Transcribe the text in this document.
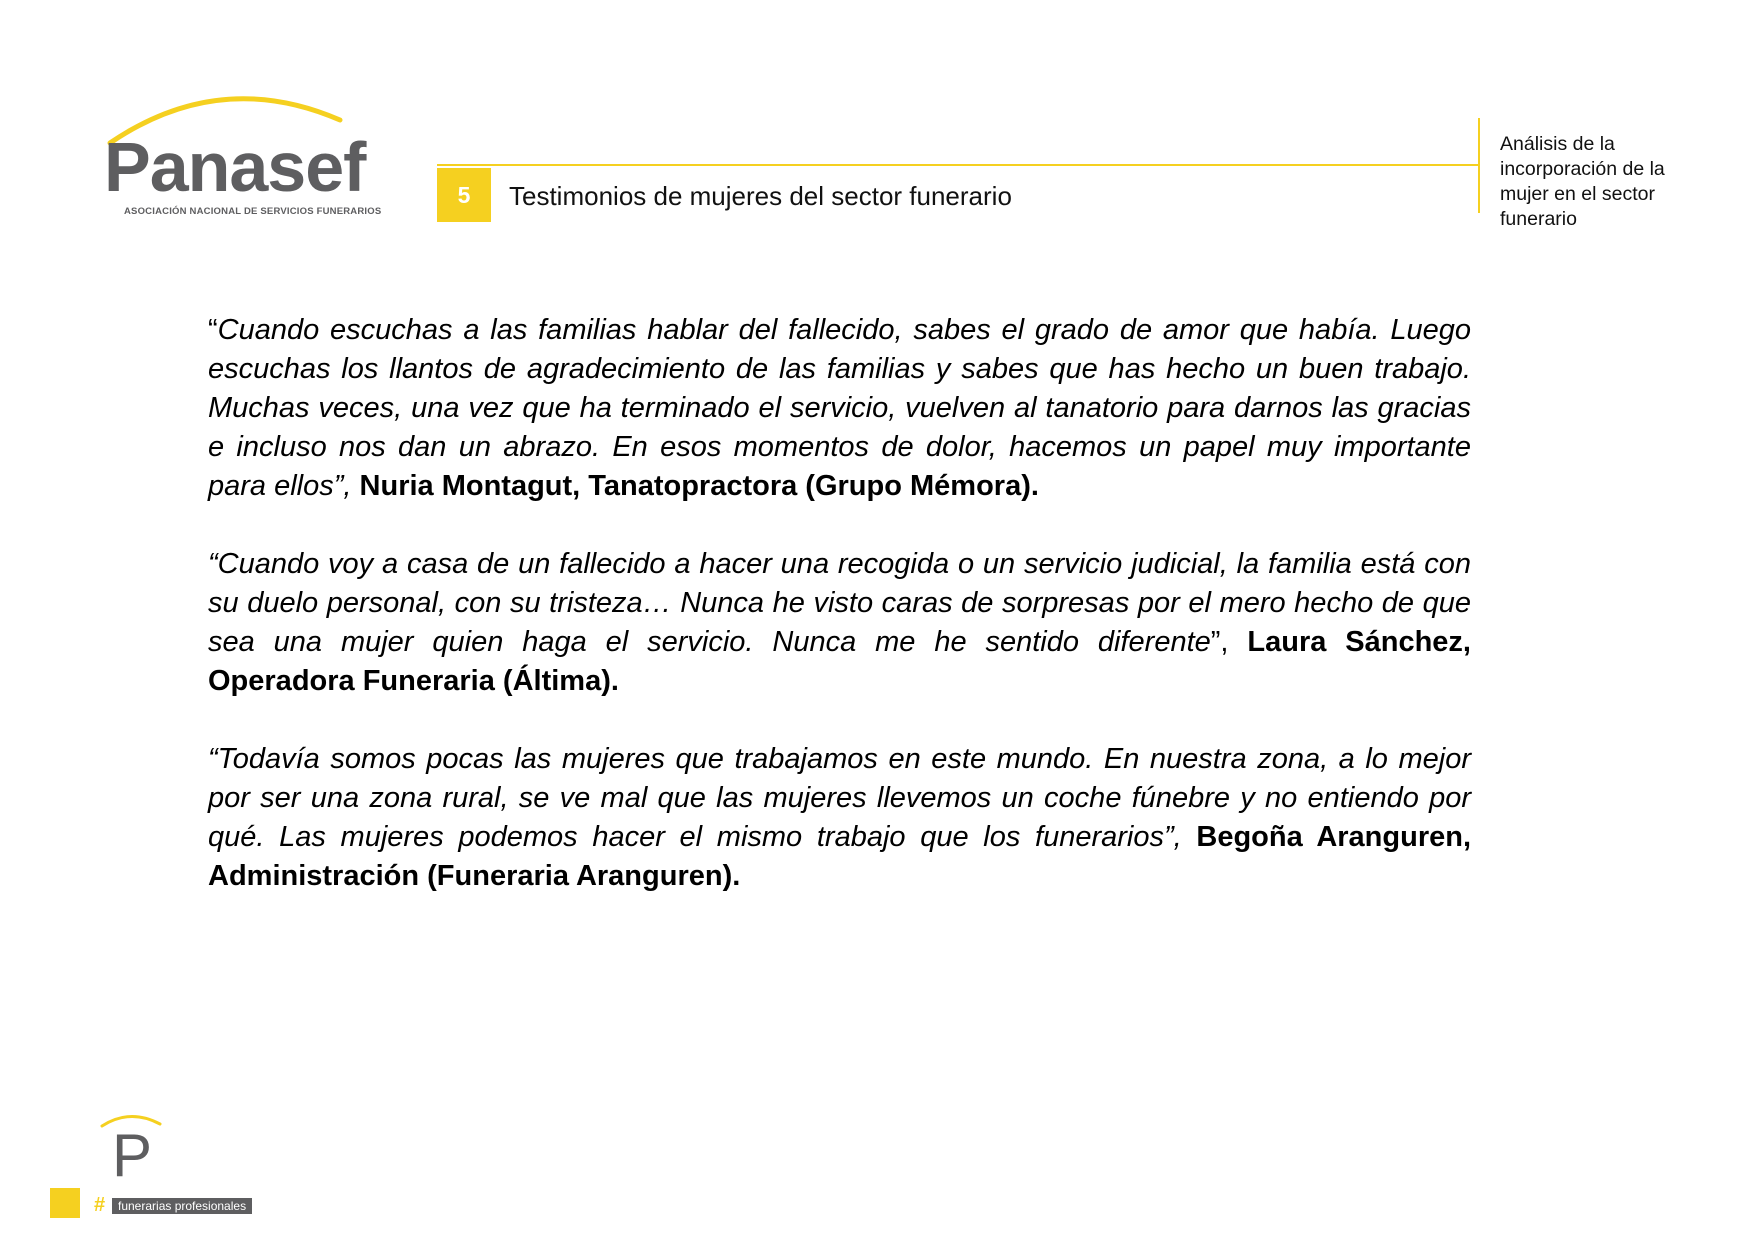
Panasef
ASOCIACIÓN NACIONAL DE SERVICIOS FUNERARIOS
5	Testimonios de mujeres del sector funerario
Análisis de la incorporación de la mujer en el sector funerario

“Cuando escuchas a las familias hablar del fallecido, sabes el grado de amor que había. Luego escuchas los llantos de agradecimiento de las familias y sabes que has hecho un buen trabajo. Muchas veces, una vez que ha terminado el servicio, vuelven al tanatorio para darnos las gracias e incluso nos dan un abrazo. En esos momentos de dolor, hacemos un papel muy importante para ellos”, Nuria Montagut, Tanatopractora (Grupo Mémora).

“Cuando voy a casa de un fallecido a hacer una recogida o un servicio judicial, la familia está con su duelo personal, con su tristeza… Nunca he visto caras de sorpresas por el mero hecho de que sea una mujer quien haga el servicio. Nunca me he sentido diferente”, Laura Sánchez, Operadora Funeraria (Áltima).

“Todavía somos pocas las mujeres que trabajamos en este mundo. En nuestra zona, a lo mejor por ser una zona rural, se ve mal que las mujeres llevemos un coche fúnebre y no entiendo por qué. Las mujeres podemos hacer el mismo trabajo que los funerarios”, Begoña Aranguren, Administración (Funeraria Aranguren).

P
#	funerarias profesionales
